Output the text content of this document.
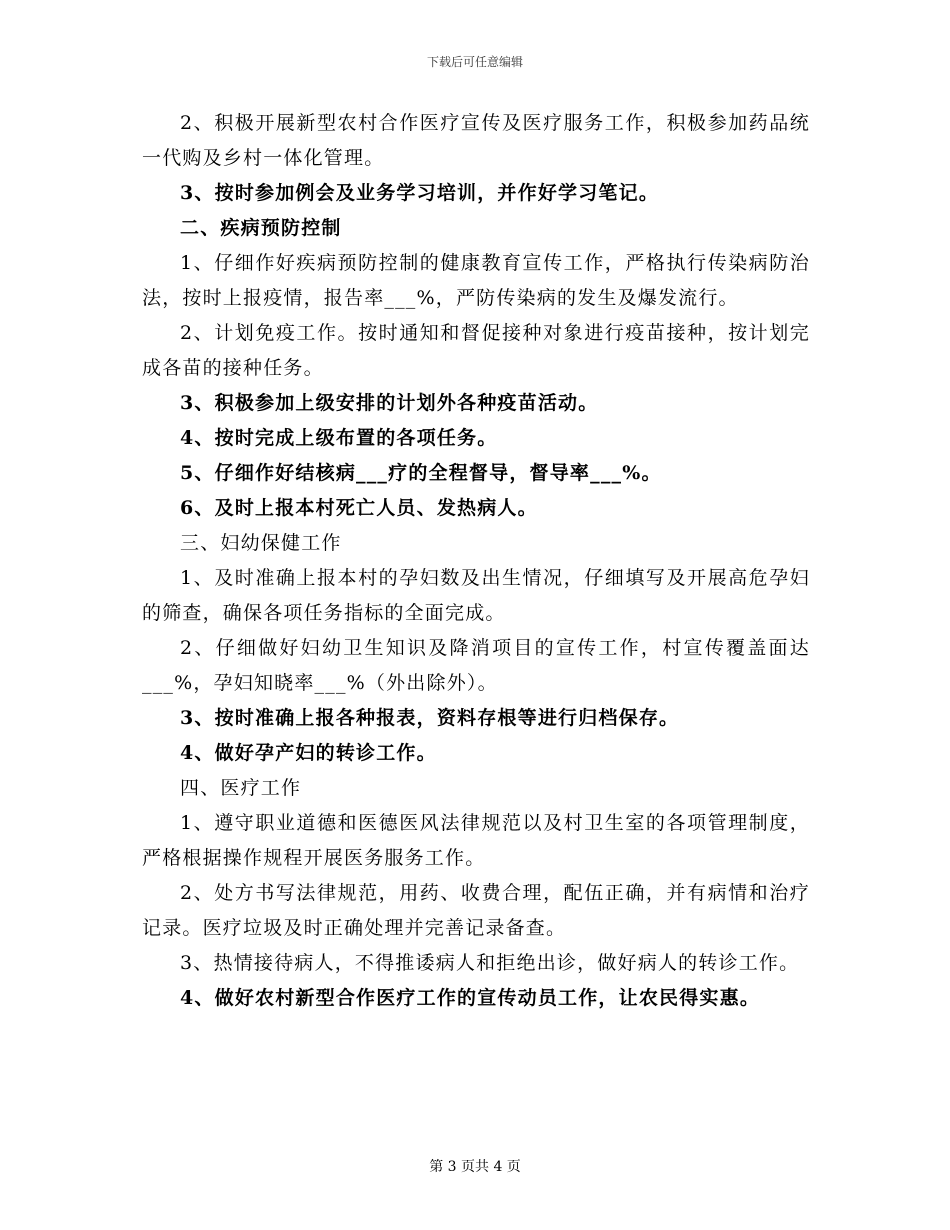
下载后可任意编辑

2、积极开展新型农村合作医疗宣传及医疗服务工作，积极参加药品统一代购及乡村一体化管理。

3、按时参加例会及业务学习培训，并作好学习笔记。

二、疾病预防控制

1、仔细作好疾病预防控制的健康教育宣传工作，严格执行传染病防治法，按时上报疫情，报告率___%，严防传染病的发生及爆发流行。

2、计划免疫工作。按时通知和督促接种对象进行疫苗接种，按计划完成各苗的接种任务。

3、积极参加上级安排的计划外各种疫苗活动。

4、按时完成上级布置的各项任务。

5、仔细作好结核病___疗的全程督导，督导率___%。

6、及时上报本村死亡人员、发热病人。

三、妇幼保健工作

1、及时准确上报本村的孕妇数及出生情况，仔细填写及开展高危孕妇的筛查，确保各项任务指标的全面完成。

2、仔细做好妇幼卫生知识及降消项目的宣传工作，村宣传覆盖面达___%，孕妇知晓率___%（外出除外）。

3、按时准确上报各种报表，资料存根等进行归档保存。

4、做好孕产妇的转诊工作。

四、医疗工作

1、遵守职业道德和医德医风法律规范以及村卫生室的各项管理制度，严格根据操作规程开展医务服务工作。

2、处方书写法律规范，用药、收费合理，配伍正确，并有病情和治疗记录。医疗垃圾及时正确处理并完善记录备查。

3、热情接待病人，不得推诿病人和拒绝出诊，做好病人的转诊工作。

4、做好农村新型合作医疗工作的宣传动员工作，让农民得实惠。

第 3 页共 4 页
